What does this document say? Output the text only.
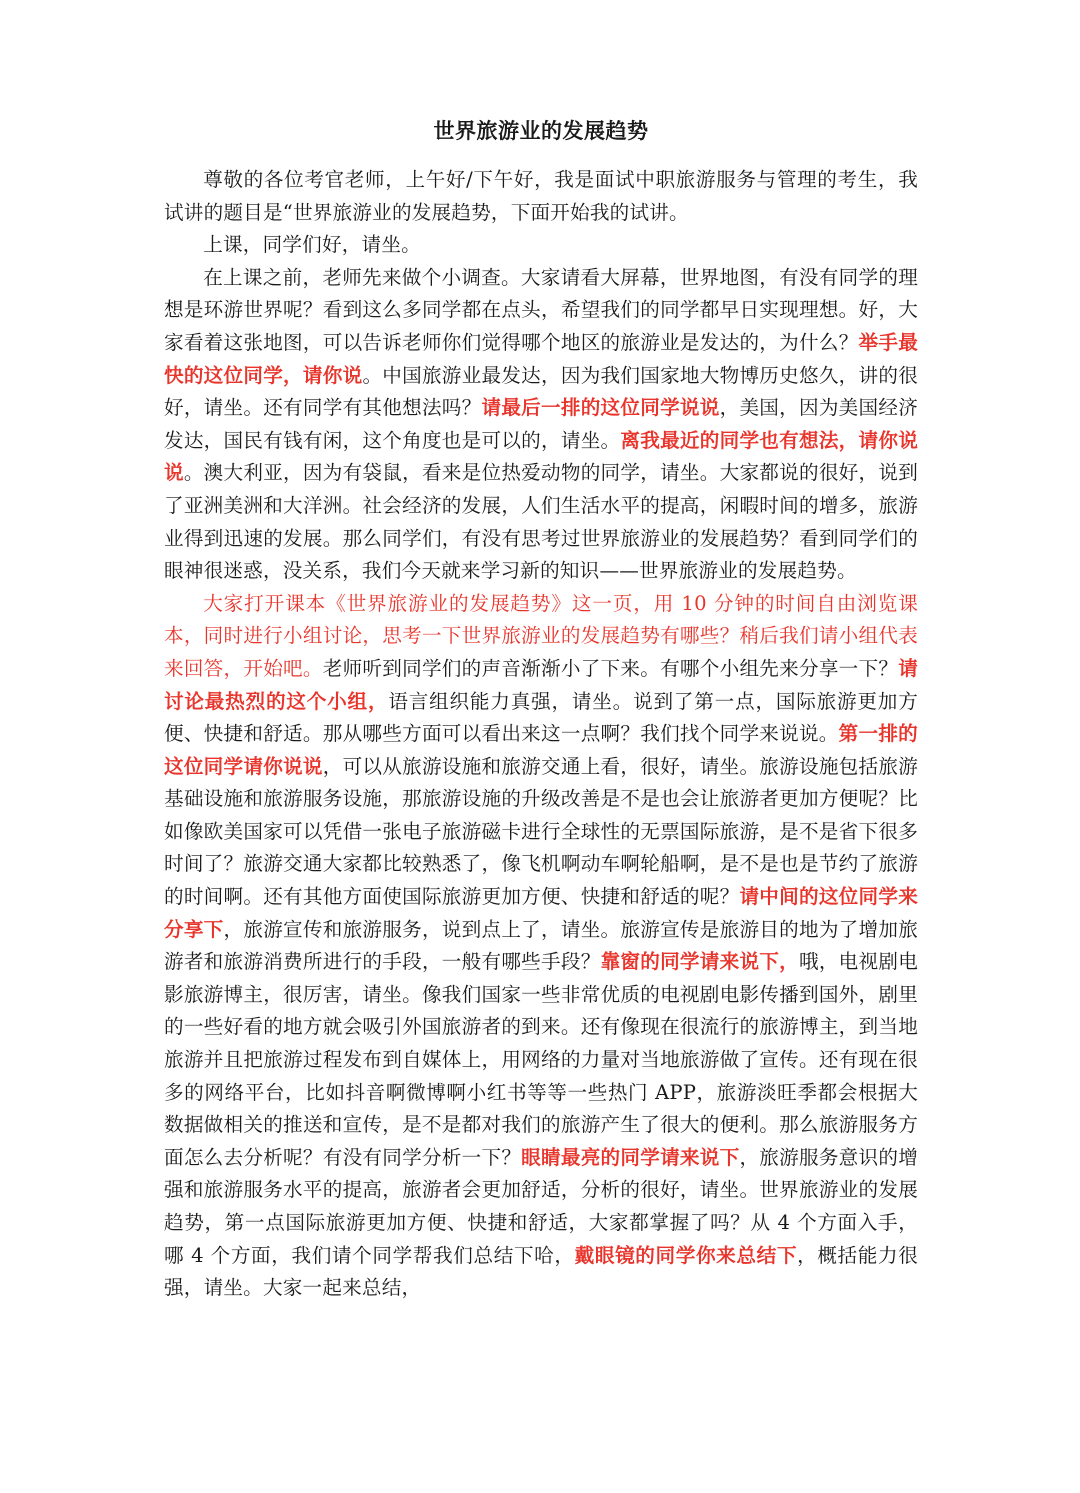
世界旅游业的发展趋势

尊敬的各位考官老师，上午好/下午好，我是面试中职旅游服务与管理的考生，我试讲的题目是“世界旅游业的发展趋势，下面开始我的试讲。

上课，同学们好，请坐。

在上课之前，老师先来做个小调查。大家请看大屏幕，世界地图，有没有同学的理想是环游世界呢？看到这么多同学都在点头，希望我们的同学都早日实现理想。好，大家看着这张地图，可以告诉老师你们觉得哪个地区的旅游业是发达的，为什么？举手最快的这位同学，请你说。中国旅游业最发达，因为我们国家地大物博历史悠久，讲的很好，请坐。还有同学有其他想法吗？请最后一排的这位同学说说，美国，因为美国经济发达，国民有钱有闲，这个角度也是可以的，请坐。离我最近的同学也有想法，请你说说。澳大利亚，因为有袋鼠，看来是位热爱动物的同学，请坐。大家都说的很好，说到了亚洲美洲和大洋洲。社会经济的发展，人们生活水平的提高，闲暇时间的增多，旅游业得到迅速的发展。那么同学们，有没有思考过世界旅游业的发展趋势？看到同学们的眼神很迷惑，没关系，我们今天就来学习新的知识——世界旅游业的发展趋势。

大家打开课本《世界旅游业的发展趋势》这一页，用 10 分钟的时间自由浏览课本，同时进行小组讨论，思考一下世界旅游业的发展趋势有哪些？稍后我们请小组代表来回答，开始吧。老师听到同学们的声音渐渐小了下来。有哪个小组先来分享一下？请讨论最热烈的这个小组，语言组织能力真强，请坐。说到了第一点，国际旅游更加方便、快捷和舒适。那从哪些方面可以看出来这一点啊？我们找个同学来说说。第一排的这位同学请你说说，可以从旅游设施和旅游交通上看，很好，请坐。旅游设施包括旅游基础设施和旅游服务设施，那旅游设施的升级改善是不是也会让旅游者更加方便呢？比如像欧美国家可以凭借一张电子旅游磁卡进行全球性的无票国际旅游，是不是省下很多时间了？旅游交通大家都比较熟悉了，像飞机啊动车啊轮船啊，是不是也是节约了旅游的时间啊。还有其他方面使国际旅游更加方便、快捷和舒适的呢？请中间的这位同学来分享下，旅游宣传和旅游服务，说到点上了，请坐。旅游宣传是旅游目的地为了增加旅游者和旅游消费所进行的手段，一般有哪些手段？靠窗的同学请来说下，哦，电视剧电影旅游博主，很厉害，请坐。像我们国家一些非常优质的电视剧电影传播到国外，剧里的一些好看的地方就会吸引外国旅游者的到来。还有像现在很流行的旅游博主，到当地旅游并且把旅游过程发布到自媒体上，用网络的力量对当地旅游做了宣传。还有现在很多的网络平台，比如抖音啊微博啊小红书等等一些热门 APP，旅游淡旺季都会根据大数据做相关的推送和宣传，是不是都对我们的旅游产生了很大的便利。那么旅游服务方面怎么去分析呢？有没有同学分析一下？眼睛最亮的同学请来说下，旅游服务意识的增强和旅游服务水平的提高，旅游者会更加舒适，分析的很好，请坐。世界旅游业的发展趋势，第一点国际旅游更加方便、快捷和舒适，大家都掌握了吗？从 4 个方面入手，哪 4 个方面，我们请个同学帮我们总结下哈，戴眼镜的同学你来总结下，概括能力很强，请坐。大家一起来总结，
